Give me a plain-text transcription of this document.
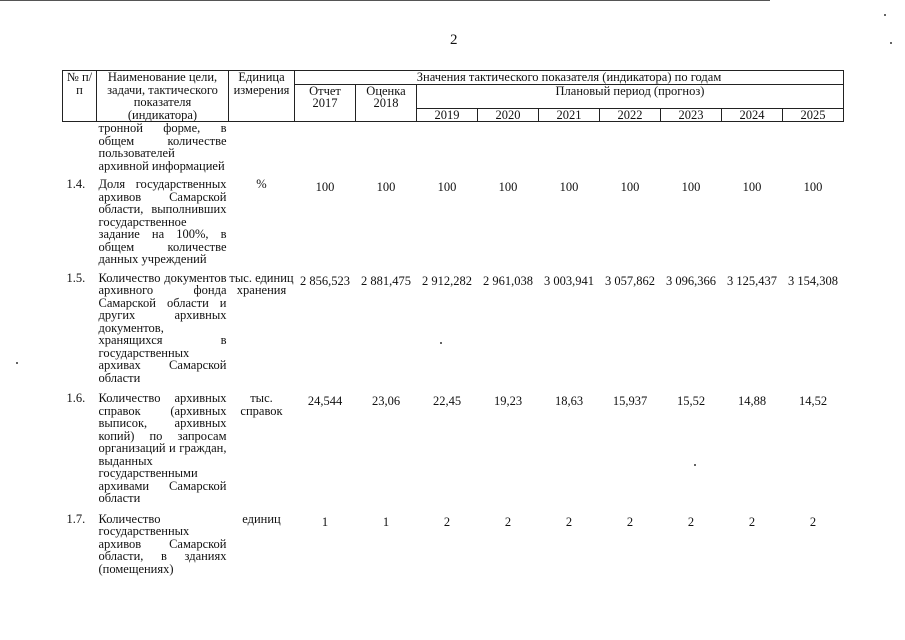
2
№ п/п	Наименование цели, задачи, тактического показателя (индикатора)	Единица измерения	Значения тактического показателя (индикатора) по годам								
			Отчет 2017	Оценка 2018	Плановый период (прогноз)						
					2019	2020	2021	2022	2023	2024	2025
	тронной форме, в общем количестве пользователей архивной информацией										
1.4.	Доля государственных архивов Самарской области, выполнивших государственное задание на 100%, в общем количестве данных учреждений	%	100	100	100	100	100	100	100	100	100
1.5.	Количество документов архивного фонда Самарской области и других архивных документов, хранящихся в государственных архивах Самарской области	тыс. единиц хранения	2 856,523	2 881,475	2 912,282	2 961,038	3 003,941	3 057,862	3 096,366	3 125,437	3 154,308
1.6.	Количество архивных справок (архивных выписок, архивных копий) по запросам организаций и граждан, выданных государственными архивами Самарской области	тыс. справок	24,544	23,06	22,45	19,23	18,63	15,937	15,52	14,88	14,52
1.7.	Количество государственных архивов Самарской области, в зданиях (помещениях)	единиц	1	1	2	2	2	2	2	2	2
